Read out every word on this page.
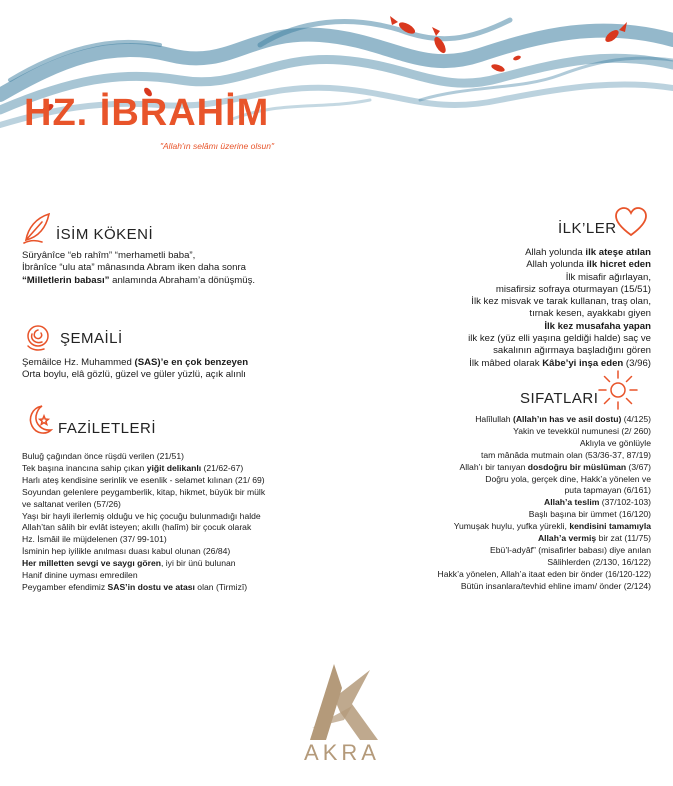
HZ. İBRAHİM
"Allah'ın selâmı üzerine olsun"
İSİM KÖKENİ
Süryânîce “eb rahîm” “merhametli baba”,
İbrânîce “ulu ata” mânasında Abram iken daha sonra
“Milletlerin babası” anlamında Abraham’a dönüşmüş.
ŞEMAİLİ
Şemâilce Hz. Muhammed (SAS)’e en çok benzeyen
Orta boylu, elâ gözlü, güzel ve güler yüzlü, açık alınlı
FAZİLETLERİ
Buluğ çağından önce rüşdü verilen (21/51)
Tek başına inancına sahip çıkan yiğit delikanlı (21/62-67)
Harlı ateş kendisine serinlik ve esenlik - selamet kılınan (21/ 69)
Soyundan gelenlere peygamberlik, kitap, hikmet, büyük bir mülk
ve saltanat verilen (57/26)
Yaşı bir hayli ilerlemiş olduğu ve hiç çocuğu bulunmadığı halde
Allah’tan sâlih bir evlât isteyen; akıllı (halîm) bir çocuk olarak
Hz. İsmâil ile müjdelenen (37/ 99-101)
İsminin hep iyilikle anılması duası kabul olunan (26/84)
Her milletten sevgi ve saygı gören, iyi bir ünü bulunan
Hanif dinine uyması emredilen
Peygamber efendimiz SAS’in dostu ve atası olan (Tirmizî)
İLK’LER
Allah yolunda ilk ateşe atılan
Allah yolunda ilk hicret eden
İlk misafir ağırlayan,
misafirsiz sofraya oturmayan (15/51)
İlk kez misvak ve tarak kullanan, traş olan,
tırnak kesen, ayakkabı giyen
İlk kez musafaha yapan
ilk kez (yüz elli yaşına geldiği halde) saç ve
sakalının ağırmaya başladığını gören
İlk mâbed olarak Kâbe’yi inşa eden (3/96)
SIFATLARI
Halîlullah (Allah’ın has ve asil dostu) (4/125)
Yakin ve tevekkül numunesi (2/ 260)
Aklıyla ve gönlüyle
tam mânâda mutmain olan (53/36-37, 87/19)
Allah’ı bir tanıyan dosdoğru bir müslüman (3/67)
Doğru yola, gerçek dine, Hakk’a yönelen ve
puta tapmayan (6/161)
Allah’a teslim (37/102-103)
Başlı başına bir ümmet (16/120)
Yumuşak huylu, yufka yürekli, kendisini tamamıyla
Allah’a vermiş bir zat (11/75)
Ebü’l-adyâf” (misafirler babası) diye anılan
Sâlihlerden (2/130, 16/122)
Hakk’a yönelen, Allah’a itaat eden bir önder (16/120-122)
Bütün insanlara/tevhid ehline imam/ önder (2/124)
AKRA
